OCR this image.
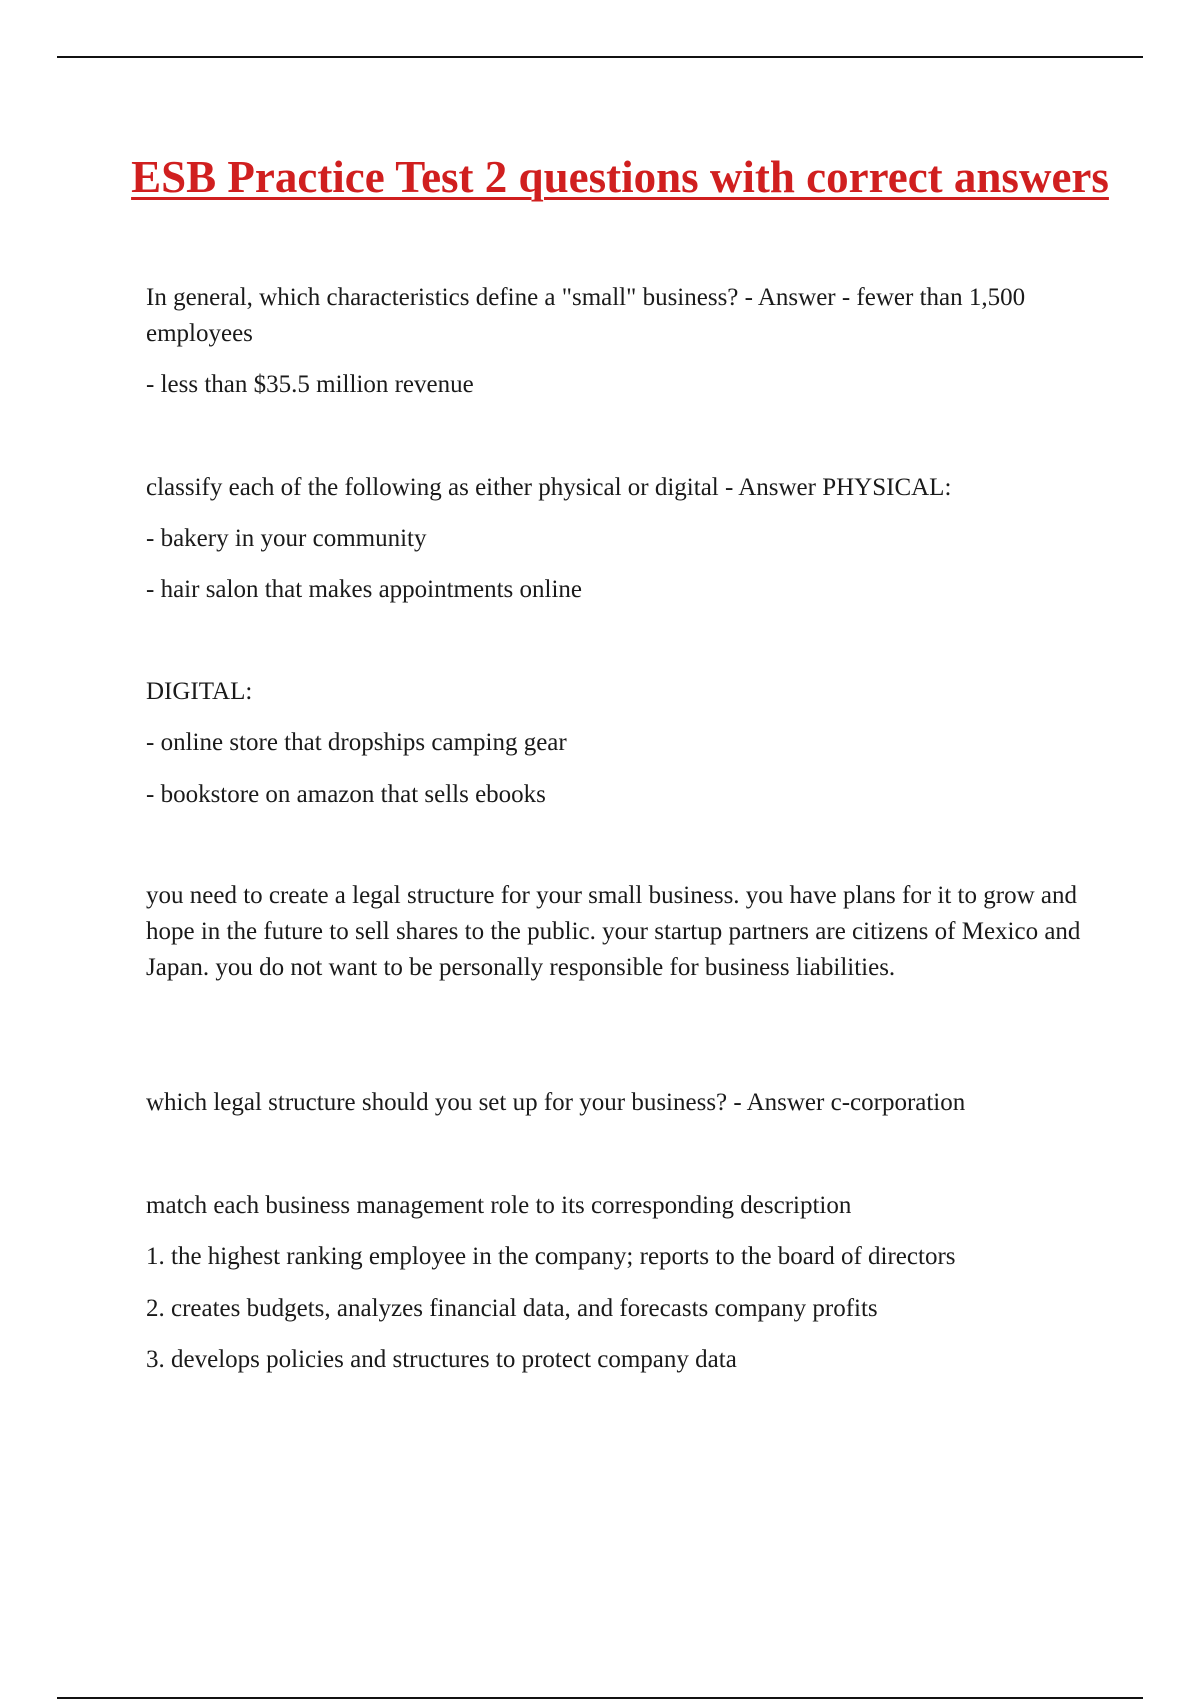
ESB Practice Test 2 questions with correct answers
In general, which characteristics define a "small" business? - Answer - fewer than 1,500 employees
- less than $35.5 million revenue
classify each of the following as either physical or digital - Answer PHYSICAL:
- bakery in your community
- hair salon that makes appointments online
DIGITAL:
- online store that dropships camping gear
- bookstore on amazon that sells ebooks
you need to create a legal structure for your small business. you have plans for it to grow and hope in the future to sell shares to the public. your startup partners are citizens of Mexico and Japan. you do not want to be personally responsible for business liabilities.
which legal structure should you set up for your business? - Answer c-corporation
match each business management role to its corresponding description
1. the highest ranking employee in the company; reports to the board of directors
2. creates budgets, analyzes financial data, and forecasts company profits
3. develops policies and structures to protect company data
